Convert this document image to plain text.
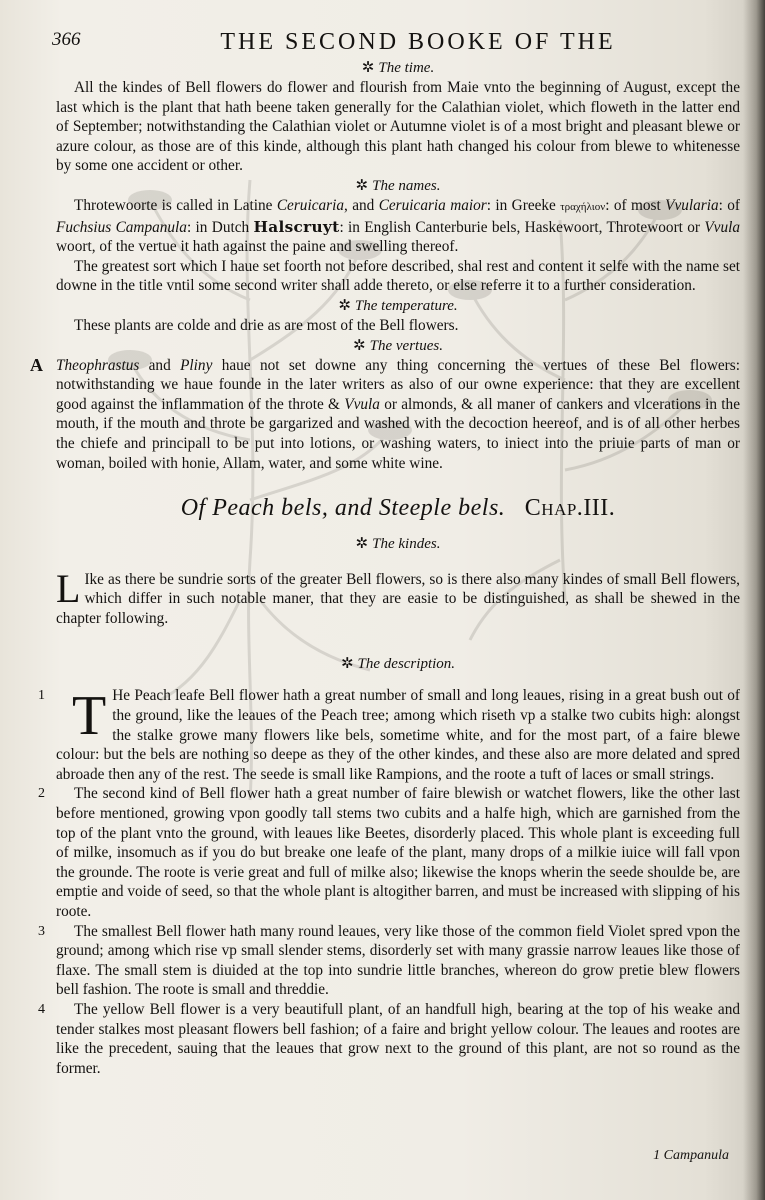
366	THE SECOND BOOKE OF THE
✲ The time.

All the kindes of Bell flowers do flower and flourish from Maie vnto the beginning of August, except the last which is the plant that hath beene taken generally for the Calathian violet, which floweth in the latter end of September; notwithstanding the Calathian violet or Autumne violet is of a most bright and pleasant blewe or azure colour, as those are of this kinde, although this plant hath changed his colour from blewe to whitenesse by some one accident or other.

✲ The names.

Throtewoorte is called in Latine Ceruicaria, and Ceruicaria maior: in Greeke τραχήλιον: of most Vvularia: of Fuchsius Campanula: in Dutch Halscruyt: in English Canterburie bels, Haskewoort, Throtewoort or Vvula woort, of the vertue it hath against the paine and swelling thereof.

The greatest sort which I haue set foorth not before described, shal rest and content it selfe with the name set downe in the title vntil some second writer shall adde thereto, or else referre it to a further consideration.

✲ The temperature.

These plants are colde and drie as are most of the Bell flowers.

✲ The vertues.
A Theophrastus and Pliny haue not set downe any thing concerning the vertues of these Bel flowers: notwithstanding we haue founde in the later writers as also of our owne experience: that they are excellent good against the inflammation of the throte & Vvula or almonds, & all maner of cankers and vlcerations in the mouth, if the mouth and throte be gargarized and washed with the decoction heereof, and is of all other herbes the chiefe and principall to be put into lotions, or washing waters, to iniect into the priuie parts of man or woman, boiled with honie, Allam, water, and some white wine.

Of Peach bels, and Steeple bels. Chap.III.
✲ The kindes.

L Ike as there be sundrie sorts of the greater Bell flowers, so is there also many kindes of small Bell flowers, which differ in such notable maner, that they are easie to be distinguished, as shall be shewed in the chapter following.

✲ The description.
1 T He Peach leafe Bell flower hath a great number of small and long leaues, rising in a great bush out of the ground, like the leaues of the Peach tree; among which riseth vp a stalke two cubits high: alongst the stalke growe many flowers like bels, sometime white, and for the most part, of a faire blewe colour: but the bels are nothing so deepe as they of the other kindes, and these also are more delated and spred abroade then any of the rest. The seede is small like Rampions, and the roote a tuft of laces or small strings.

2	The second kind of Bell flower hath a great number of faire blewish or watchet flowers, like the other last before mentioned, growing vpon goodly tall stems two cubits and a halfe high, which are garnished from the top of the plant vnto the ground, with leaues like Beetes, disorderly placed. This whole plant is exceeding full of milke, insomuch as if you do but breake one leafe of the plant, many drops of a milkie iuice will fall vpon the grounde. The roote is verie great and full of milke also; likewise the knops wherin the seede shoulde be, are emptie and voide of seed, so that the whole plant is altogither barren, and must be increased with slipping of his roote.

3	The smallest Bell flower hath many round leaues, very like those of the common field Violet spred vpon the ground; among which rise vp small slender stems, disorderly set with many grassie narrow leaues like those of flaxe. The small stem is diuided at the top into sundrie little branches, whereon do grow pretie blew flowers bell fashion. The roote is small and threddie.

4	The yellow Bell flower is a very beautifull plant, of an handfull high, bearing at the top of his weake and tender stalkes most pleasant flowers bell fashion; of a faire and bright yellow colour. The leaues and rootes are like the precedent, sauing that the leaues that grow next to the ground of this plant, are not so round as the former.

1 Campanula
